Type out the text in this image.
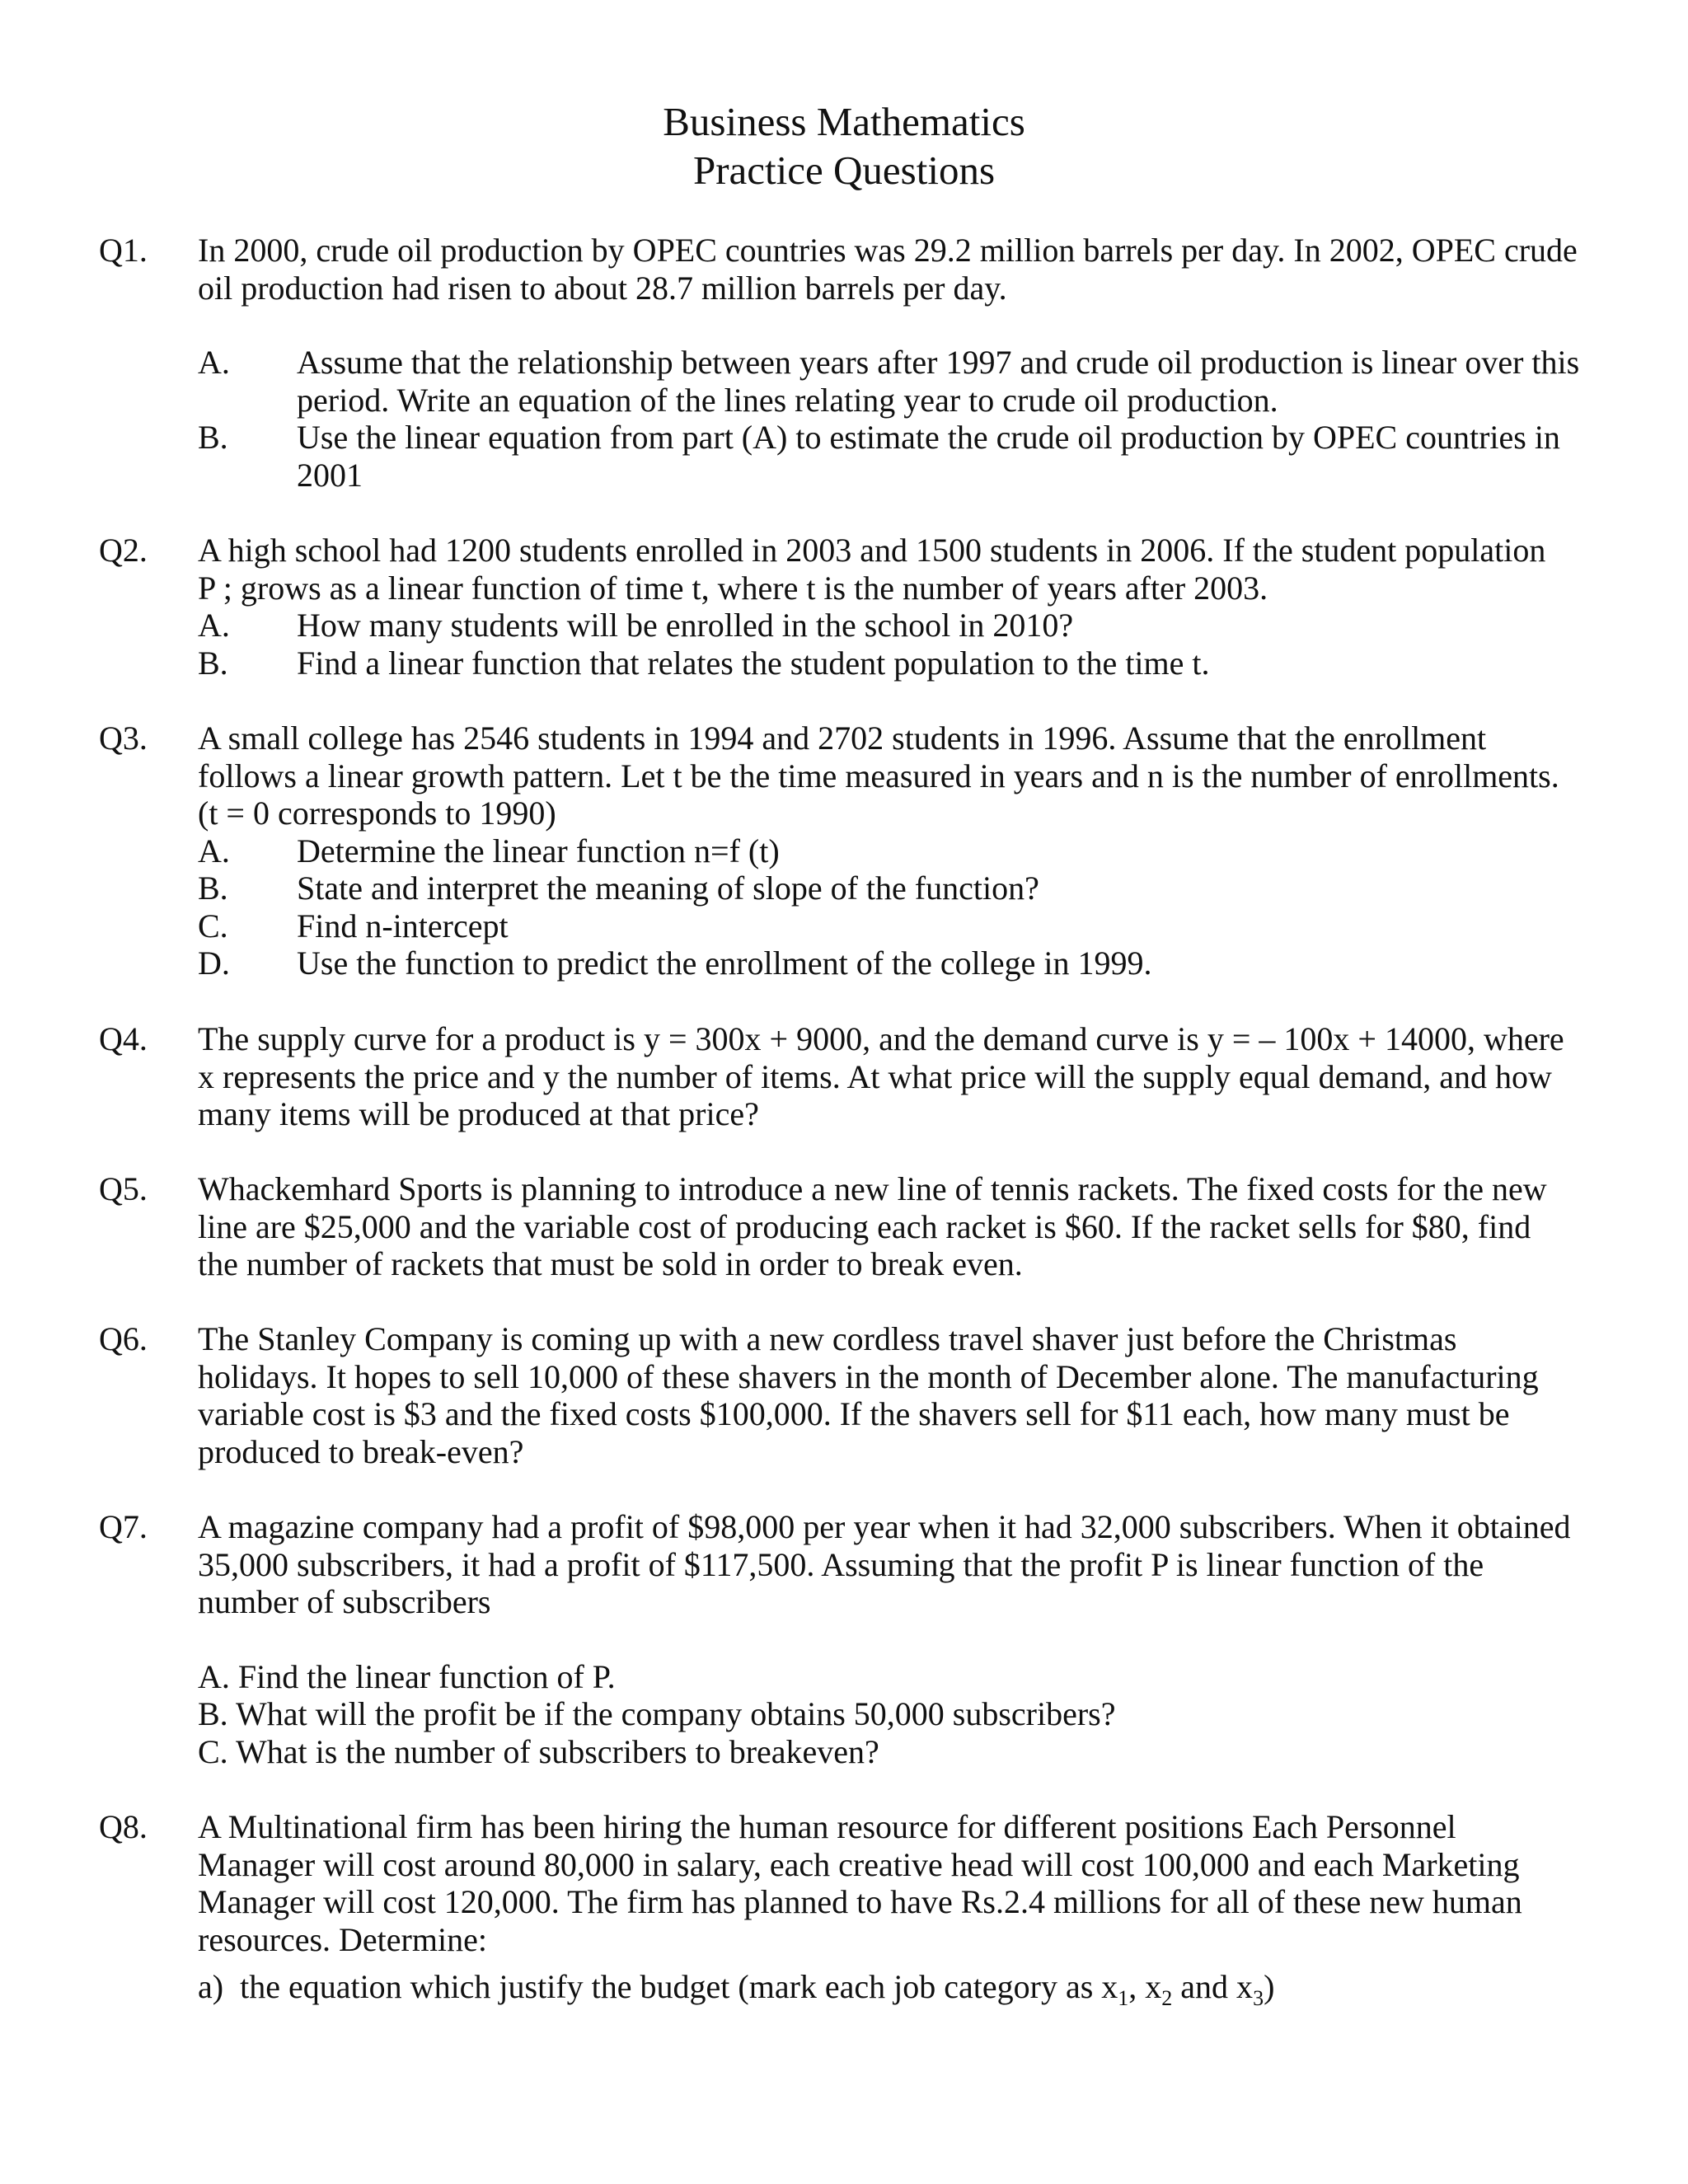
Business Mathematics
Practice Questions
Q1. In 2000, crude oil production by OPEC countries was 29.2 million barrels per day. In 2002, OPEC crude

oil production had risen to about 28.7 million barrels per day.

A. Assume that the relationship between years after 1997 and crude oil production is linear over this

period. Write an equation of the lines relating year to crude oil production.

B. Use the linear equation from part (A) to estimate the crude oil production by OPEC countries in

2001

Q2. A high school had 1200 students enrolled in 2003 and 1500 students in 2006. If the student population

P ; grows as a linear function of time t, where t is the number of years after 2003.

A. How many students will be enrolled in the school in 2010?

B. Find a linear function that relates the student population to the time t.

Q3. A small college has 2546 students in 1994 and 2702 students in 1996. Assume that the enrollment

follows a linear growth pattern. Let t be the time measured in years and n is the number of enrollments.

(t = 0 corresponds to 1990)

A. Determine the linear function n=f (t)

B. State and interpret the meaning of slope of the function?

C. Find n-intercept

D. Use the function to predict the enrollment of the college in 1999.

Q4. The supply curve for a product is y = 300x + 9000, and the demand curve is y = – 100x + 14000, where

x represents the price and y the number of items. At what price will the supply equal demand, and how

many items will be produced at that price?

Q5. Whackemhard Sports is planning to introduce a new line of tennis rackets. The fixed costs for the new

line are $25,000 and the variable cost of producing each racket is $60. If the racket sells for $80, find

the number of rackets that must be sold in order to break even.

Q6. The Stanley Company is coming up with a new cordless travel shaver just before the Christmas

holidays. It hopes to sell 10,000 of these shavers in the month of December alone. The manufacturing

variable cost is $3 and the fixed costs $100,000. If the shavers sell for $11 each, how many must be

produced to break-even?

Q7. A magazine company had a profit of $98,000 per year when it had 32,000 subscribers. When it obtained

35,000 subscribers, it had a profit of $117,500. Assuming that the profit P is linear function of the

number of subscribers

A. Find the linear function of P.

B. What will the profit be if the company obtains 50,000 subscribers?

C. What is the number of subscribers to breakeven?

Q8. A Multinational firm has been hiring the human resource for different positions Each Personnel

Manager will cost around 80,000 in salary, each creative head will cost 100,000 and each Marketing

Manager will cost 120,000. The firm has planned to have Rs.2.4 millions for all of these new human

resources. Determine:

a) the equation which justify the budget (mark each job category as $x_1$, $x_2$ and $x_3$)
